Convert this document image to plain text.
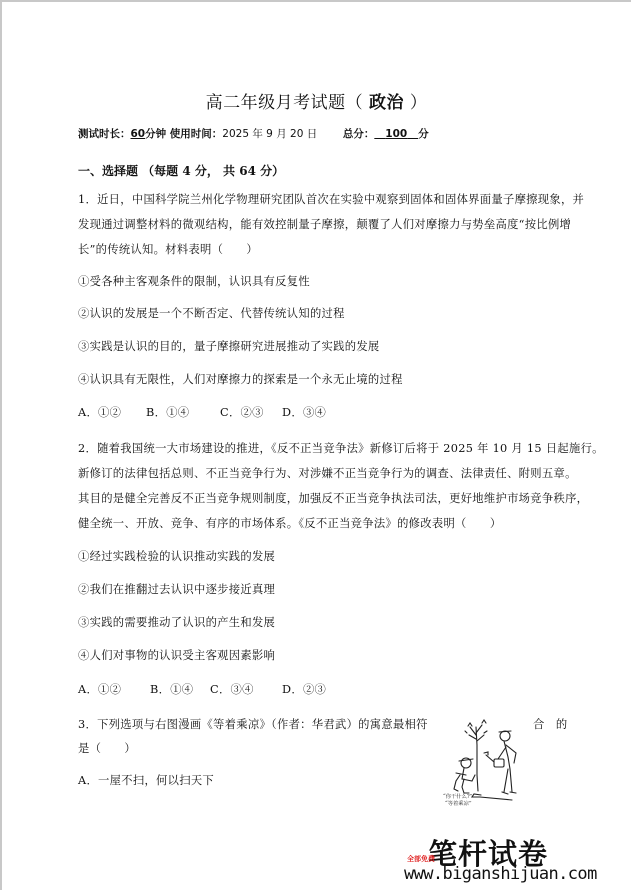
高二年级月考试题（ 政治 ）
测试时长：60分钟 使用时间：2025 年 9 月 20 日 总分： 100 分
一、选择题 （每题 4 分， 共 64 分）
1．近日，中国科学院兰州化学物理研究团队首次在实验中观察到固体和固体界面量子摩擦现象，并
发现通过调整材料的微观结构，能有效控制量子摩擦，颠覆了人们对摩擦力与势垒高度“按比例增
长”的传统认知。材料表明（　　）
①受各种主客观条件的限制，认识具有反复性
②认识的发展是一个不断否定、代替传统认知的过程
③实践是认识的目的，量子摩擦研究进展推动了实践的发展
④认识具有无限性，人们对摩擦力的探索是一个永无止境的过程
A．①② B．①④	C．②③ D．③④
2．随着我国统一大市场建设的推进，《反不正当竞争法》新修订后将于 2025 年 10 月 15 日起施行。
新修订的法律包括总则、不正当竞争行为、对涉嫌不正当竞争行为的调查、法律责任、附则五章。
其目的是健全完善反不正当竞争规则制度，加强反不正当竞争执法司法，更好地维护市场竞争秩序，
健全统一、开放、竞争、有序的市场体系。《反不正当竞争法》的修改表明（　　）
①经过实践检验的认识推动实践的发展
②我们在推翻过去认识中逐步接近真理
③实践的需要推动了认识的产生和发展
④人们对事物的认识受主客观因素影响
A．①②	B．①④ C．③④	D．②③
3．下列选项与右图漫画《等着乘凉》（作者：华君武）的寓意最相符	合 的
是（　　）
A．一屋不扫，何以扫天下
“你干什么?”
“等着乘凉”
笔杆试卷
全部免费
www.biganshijuan.com
